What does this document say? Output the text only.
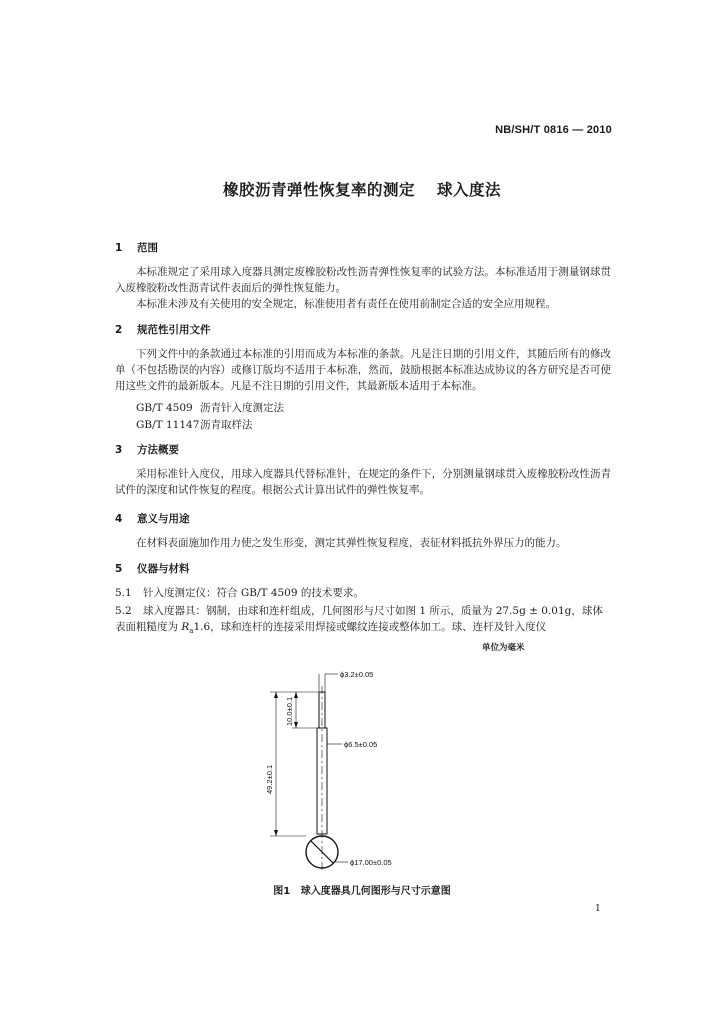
NB/SH/T 0816 — 2010
橡胶沥青弹性恢复率的测定 球入度法
1 范围
本标准规定了采用球入度器具测定废橡胶粉改性沥青弹性恢复率的试验方法。本标准适用于测量钢球贯入废橡胶粉改性沥青试件表面后的弹性恢复能力。
本标准未涉及有关使用的安全规定，标准使用者有责任在使用前制定合适的安全应用规程。
2 规范性引用文件
下列文件中的条款通过本标准的引用而成为本标准的条款。凡是注日期的引用文件，其随后所有的修改单（不包括勘误的内容）或修订版均不适用于本标准，然而，鼓励根据本标准达成协议的各方研究是否可使用这些文件的最新版本。凡是不注日期的引用文件，其最新版本适用于本标准。
GB/T 4509 沥青针入度测定法
GB/T 11147沥青取样法
3 方法概要
采用标准针入度仪，用球入度器具代替标准针，在规定的条件下，分别测量钢球贯入废橡胶粉改性沥青试件的深度和试件恢复的程度。根据公式计算出试件的弹性恢复率。
4 意义与用途
在材料表面施加作用力使之发生形变，测定其弹性恢复程度，表征材料抵抗外界压力的能力。
5 仪器与材料
5.1 针入度测定仪：符合 GB/T 4509 的技术要求。
5.2 球入度器具：钢制，由球和连杆组成，几何图形与尺寸如图 1 所示，质量为 27.5g ± 0.01g，球体表面粗糙度为 $R_a1.6$，球和连杆的连接采用焊接或螺纹连接或整体加工。球、连杆及针入度仪
单位为毫米
ϕ3.2±0.05
ϕ6.5±0.05
ϕ17.00±0.05
10.0±0.1
49.2±0.1
图1 球入度器具几何图形与尺寸示意图
1
